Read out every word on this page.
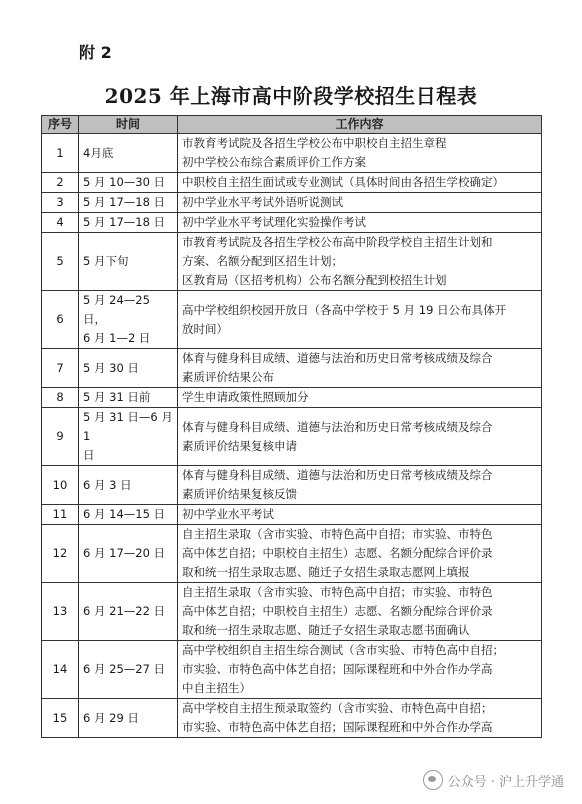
附 2
2025 年上海市高中阶段学校招生日程表
序号	时间	工作内容
1	4月底	市教育考试院及各招生学校公布中职校自主招生章程
初中学校公布综合素质评价工作方案

2	5 月 10—30 日	中职校自主招生面试或专业测试（具体时间由各招生学校确定）

3	5 月 17—18 日	初中学业水平考试外语听说测试

4	5 月 17—18 日	初中学业水平考试理化实验操作考试

5	5 月下旬	市教育考试院及各招生学校公布高中阶段学校自主招生计划和
方案、名额分配到区招生计划；
区教育局（区招考机构）公布名额分配到校招生计划

6	5 月 24—25 日，
6 月 1—2 日	高中学校组织校园开放日（各高中学校于 5 月 19 日公布具体开
放时间）

7	5 月 30 日	体育与健身科目成绩、道德与法治和历史日常考核成绩及综合
素质评价结果公布

8	5 月 31 日前	学生申请政策性照顾加分

9	5 月 31 日—6 月 1
日	体育与健身科目成绩、道德与法治和历史日常考核成绩及综合
素质评价结果复核申请

10	6 月 3 日	体育与健身科目成绩、道德与法治和历史日常考核成绩及综合
素质评价结果复核反馈

11	6 月 14—15 日	初中学业水平考试

12	6 月 17—20 日	自主招生录取（含市实验、市特色高中自招；市实验、市特色
高中体艺自招；中职校自主招生）志愿、名额分配综合评价录
取和统一招生录取志愿、随迁子女招生录取志愿网上填报

13	6 月 21—22 日	自主招生录取（含市实验、市特色高中自招；市实验、市特色
高中体艺自招；中职校自主招生）志愿、名额分配综合评价录
取和统一招生录取志愿、随迁子女招生录取志愿书面确认

14	6 月 25—27 日	高中学校组织自主招生综合测试（含市实验、市特色高中自招；
市实验、市特色高中体艺自招；国际课程班和中外合作办学高
中自主招生）

15	6 月 29 日	高中学校自主招生预录取签约（含市实验、市特色高中自招；
市实验、市特色高中体艺自招；国际课程班和中外合作办学高
公众号 · 沪上升学通
